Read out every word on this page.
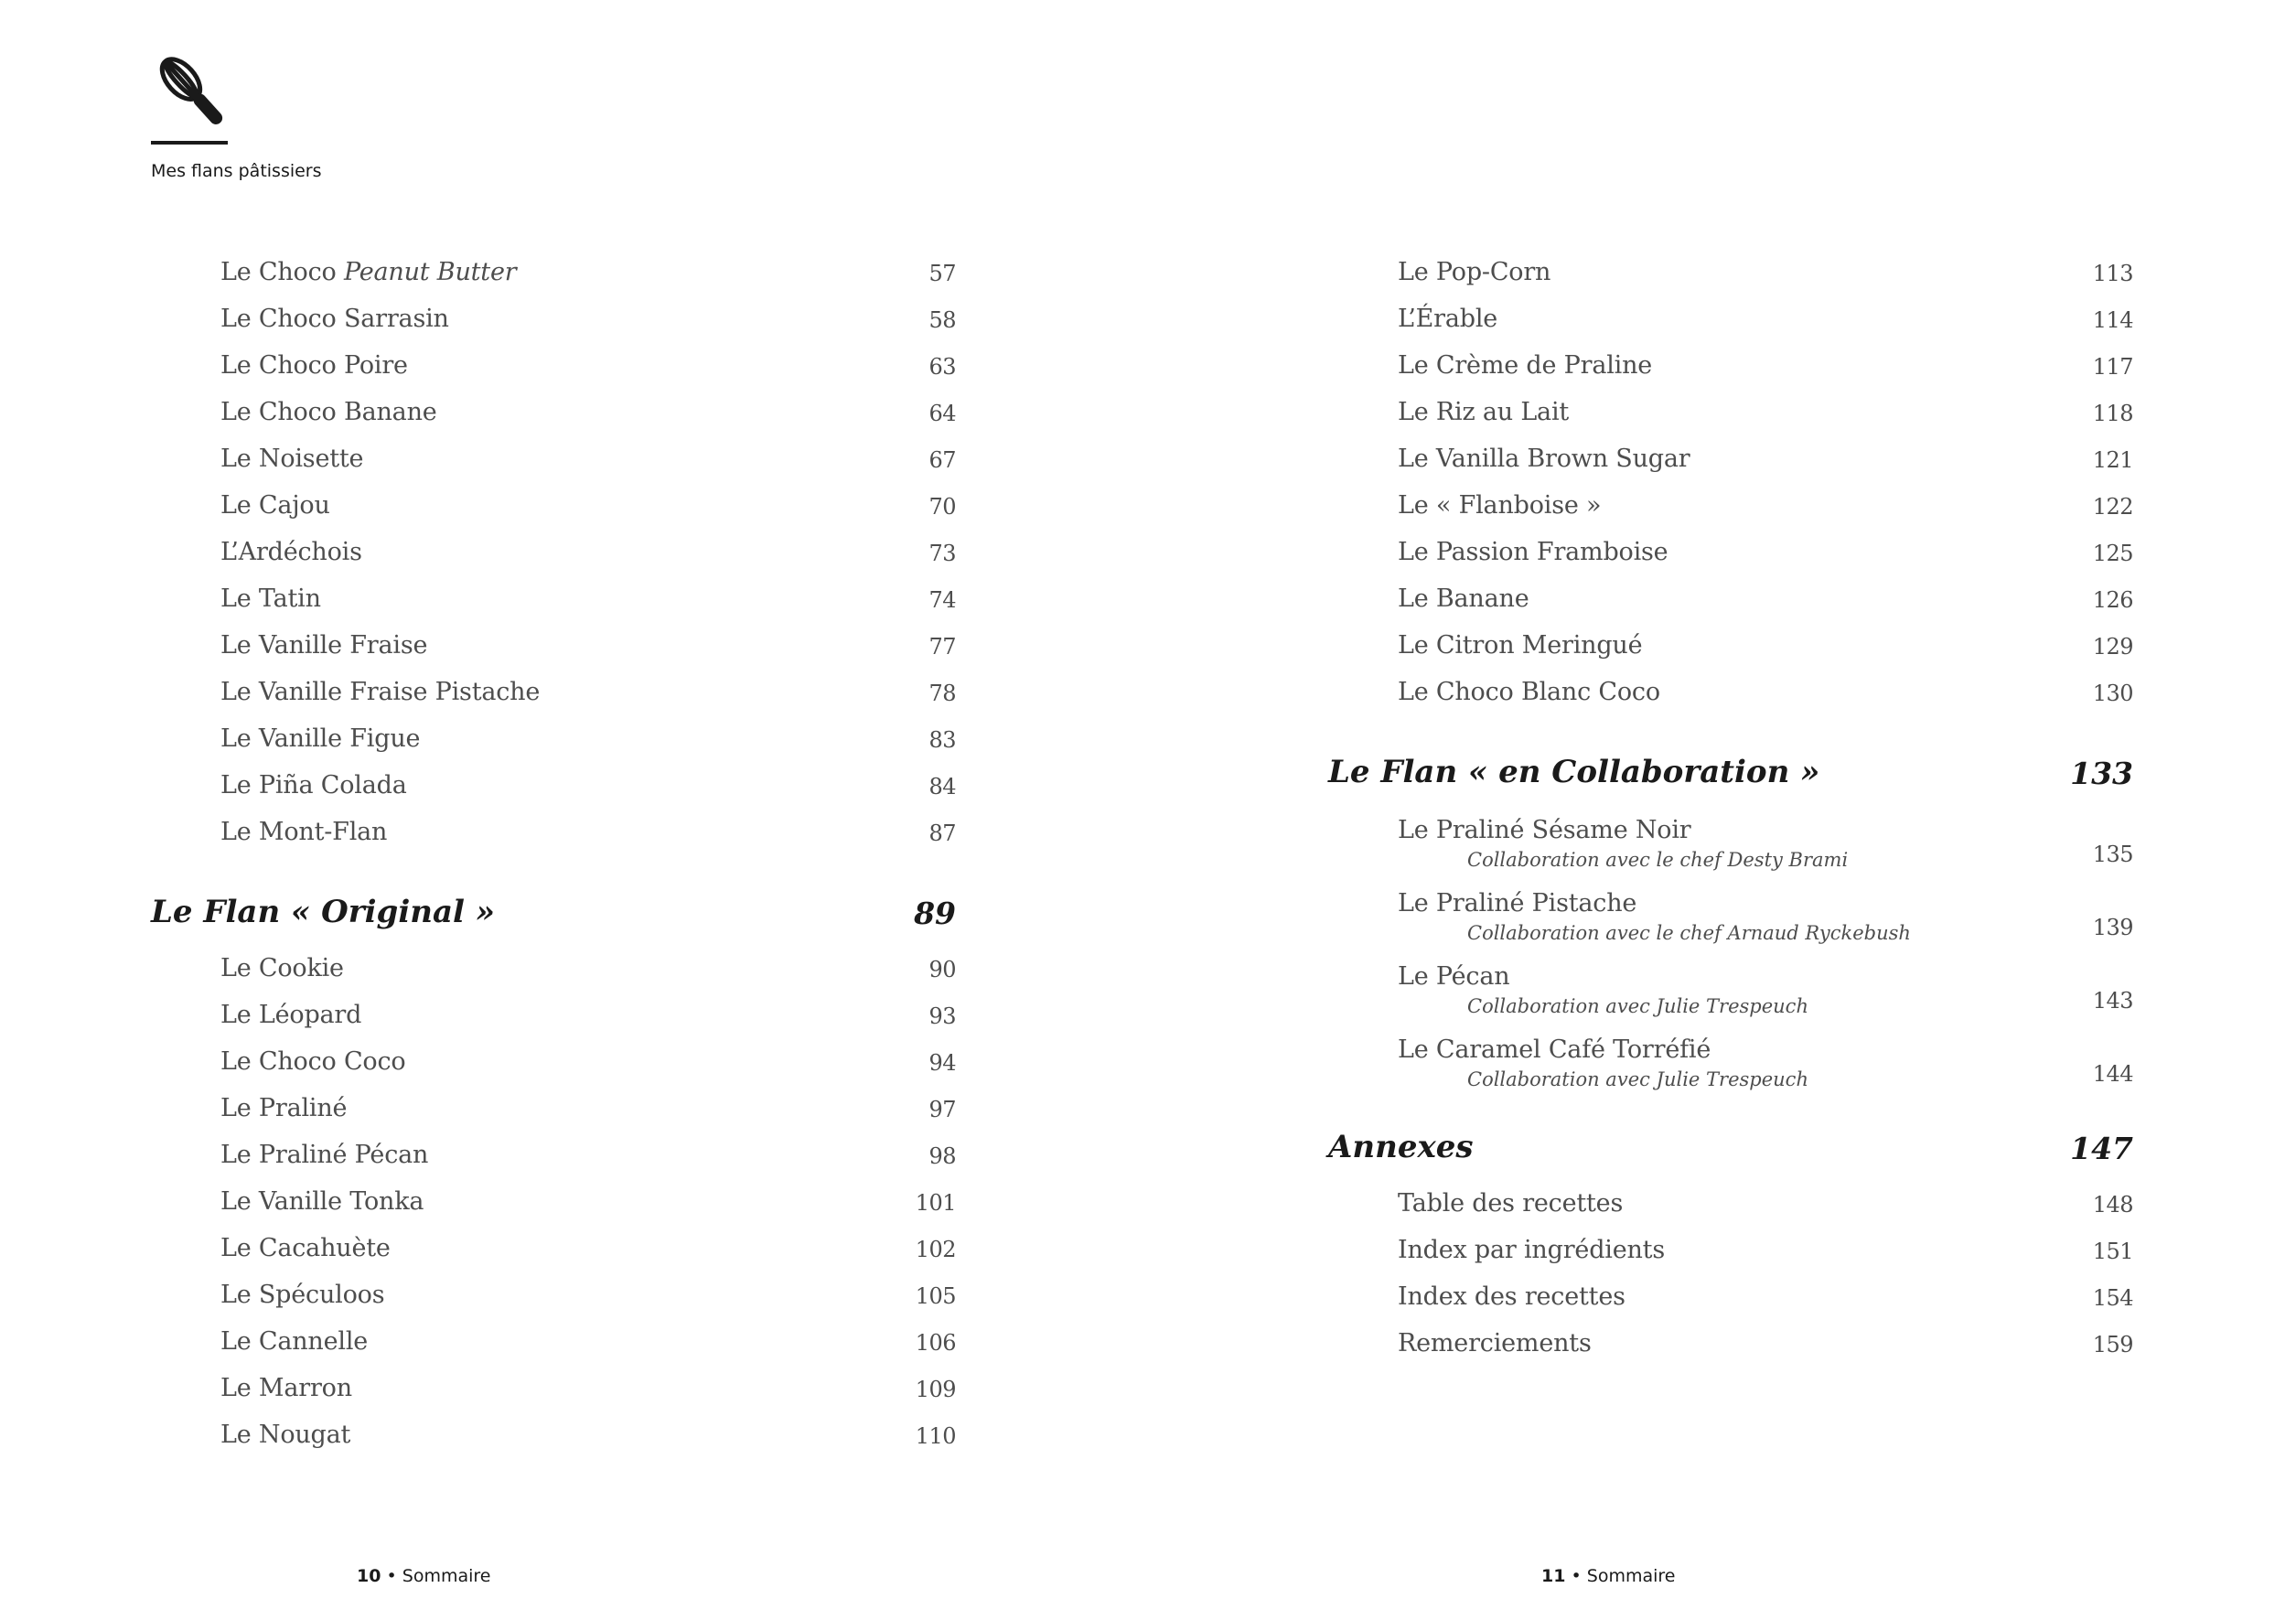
Mes flans pâtissiers
Le Choco Peanut Butter	57
Le Choco Sarrasin	58
Le Choco Poire	63
Le Choco Banane	64
Le Noisette	67
Le Cajou	70
L’Ardéchois	73
Le Tatin	74
Le Vanille Fraise	77
Le Vanille Fraise Pistache	78
Le Vanille Figue	83
Le Piña Colada	84
Le Mont-Flan	87
Le Flan « Original »	89
Le Cookie	90
Le Léopard	93
Le Choco Coco	94
Le Praliné	97
Le Praliné Pécan	98
Le Vanille Tonka	101
Le Cacahuète	102
Le Spéculoos	105
Le Cannelle	106
Le Marron	109
Le Nougat	110
10 • Sommaire
Le Pop-Corn	113
L’Érable	114
Le Crème de Praline	117
Le Riz au Lait	118
Le Vanilla Brown Sugar	121
Le « Flanboise »	122
Le Passion Framboise	125
Le Banane	126
Le Citron Meringué	129
Le Choco Blanc Coco	130
Le Flan « en Collaboration »	133
Le Praliné Sésame Noir
Collaboration avec le chef Desty Brami	135
Le Praliné Pistache
Collaboration avec le chef Arnaud Ryckebush	139
Le Pécan
Collaboration avec Julie Trespeuch	143
Le Caramel Café Torréfié
Collaboration avec Julie Trespeuch	144
Annexes	147
Table des recettes	148
Index par ingrédients	151
Index des recettes	154
Remerciements	159
11 • Sommaire
